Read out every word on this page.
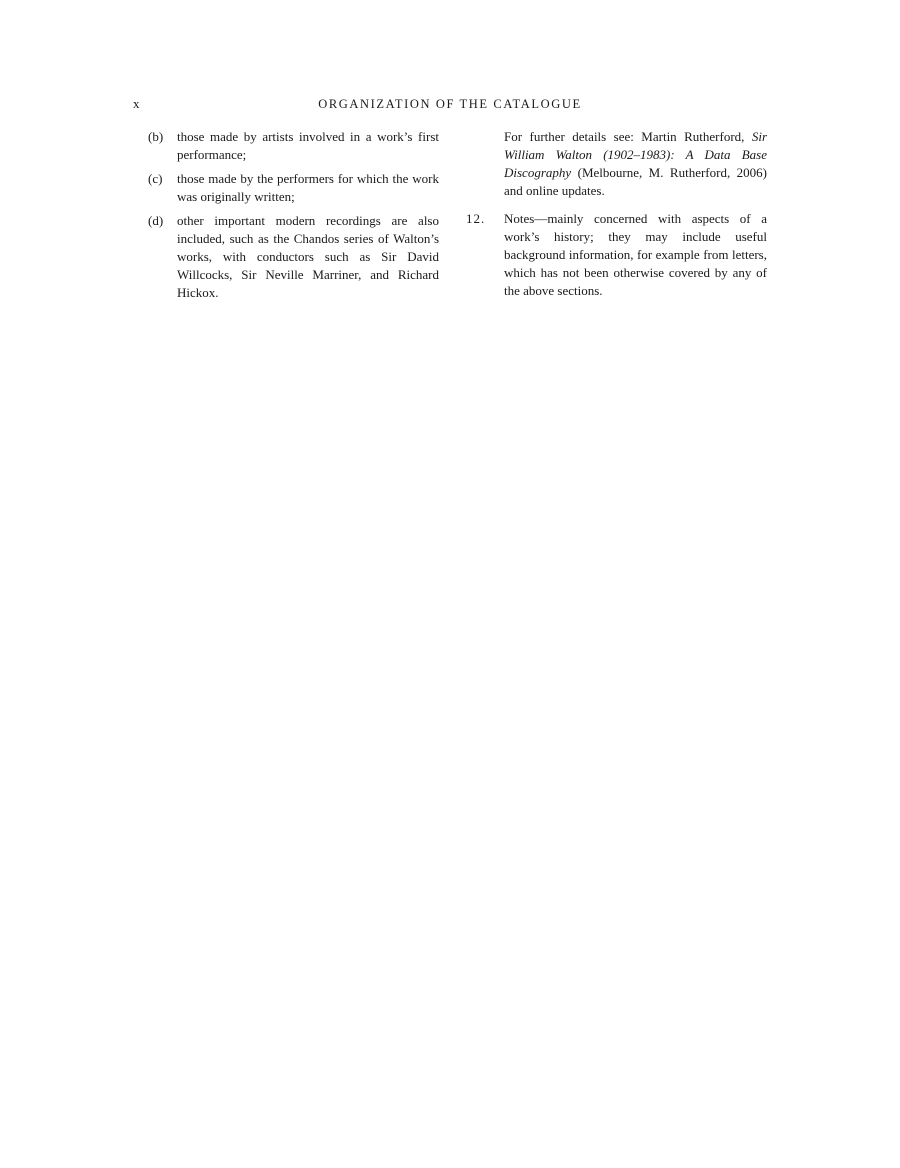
x	ORGANIZATION OF THE CATALOGUE
(b)	those made by artists involved in a work’s first performance;
(c)	those made by the performers for which the work was originally written;
(d)	other important modern recordings are also included, such as the Chandos series of Walton’s works, with conductors such as Sir David Willcocks, Sir Neville Marriner, and Richard Hickox.
For further details see: Martin Rutherford, Sir William Walton (1902–1983): A Data Base Discography (Melbourne, M. Rutherford, 2006) and online updates.
12.	Notes—mainly concerned with aspects of a work’s history; they may include useful background information, for example from letters, which has not been otherwise covered by any of the above sections.
